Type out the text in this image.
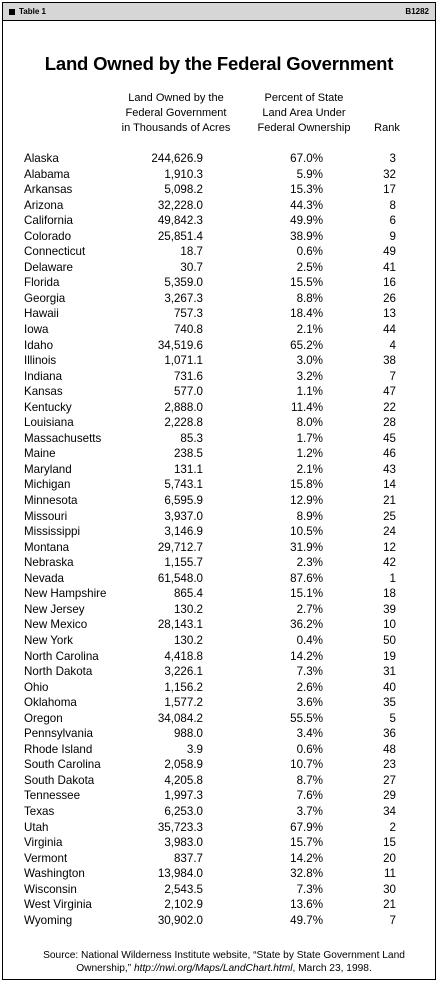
Table 1	B1282
Land Owned by the Federal Government
Land Owned by the
Federal Government
in Thousands of Acres
Percent of State
Land Area Under
Federal Ownership	Rank
Alaska	244,626.9	67.0%	3
Alabama	1,910.3	5.9%	32
Arkansas	5,098.2	15.3%	17
Arizona	32,228.0	44.3%	8
California	49,842.3	49.9%	6
Colorado	25,851.4	38.9%	9
Connecticut	18.7	0.6%	49
Delaware	30.7	2.5%	41
Florida	5,359.0	15.5%	16
Georgia	3,267.3	8.8%	26
Hawaii	757.3	18.4%	13
Iowa	740.8	2.1%	44
Idaho	34,519.6	65.2%	4
Illinois	1,071.1	3.0%	38
Indiana	731.6	3.2%	7
Kansas	577.0	1.1%	47
Kentucky	2,888.0	11.4%	22
Louisiana	2,228.8	8.0%	28
Massachusetts	85.3	1.7%	45
Maine	238.5	1.2%	46
Maryland	131.1	2.1%	43
Michigan	5,743.1	15.8%	14
Minnesota	6,595.9	12.9%	21
Missouri	3,937.0	8.9%	25
Mississippi	3,146.9	10.5%	24
Montana	29,712.7	31.9%	12
Nebraska	1,155.7	2.3%	42
Nevada	61,548.0	87.6%	1
New Hampshire	865.4	15.1%	18
New Jersey	130.2	2.7%	39
New Mexico	28,143.1	36.2%	10
New York	130.2	0.4%	50
North Carolina	4,418.8	14.2%	19
North Dakota	3,226.1	7.3%	31
Ohio	1,156.2	2.6%	40
Oklahoma	1,577.2	3.6%	35
Oregon	34,084.2	55.5%	5
Pennsylvania	988.0	3.4%	36
Rhode Island	3.9	0.6%	48
South Carolina	2,058.9	10.7%	23
South Dakota	4,205.8	8.7%	27
Tennessee	1,997.3	7.6%	29
Texas	6,253.0	3.7%	34
Utah	35,723.3	67.9%	2
Virginia	3,983.0	15.7%	15
Vermont	837.7	14.2%	20
Washington	13,984.0	32.8%	11
Wisconsin	2,543.5	7.3%	30
West Virginia	2,102.9	13.6%	21
Wyoming	30,902.0	49.7%	7
Source: National Wilderness Institute website, “State by State Government Land Ownership,” http://nwi.org/Maps/LandChart.html, March 23, 1998.
